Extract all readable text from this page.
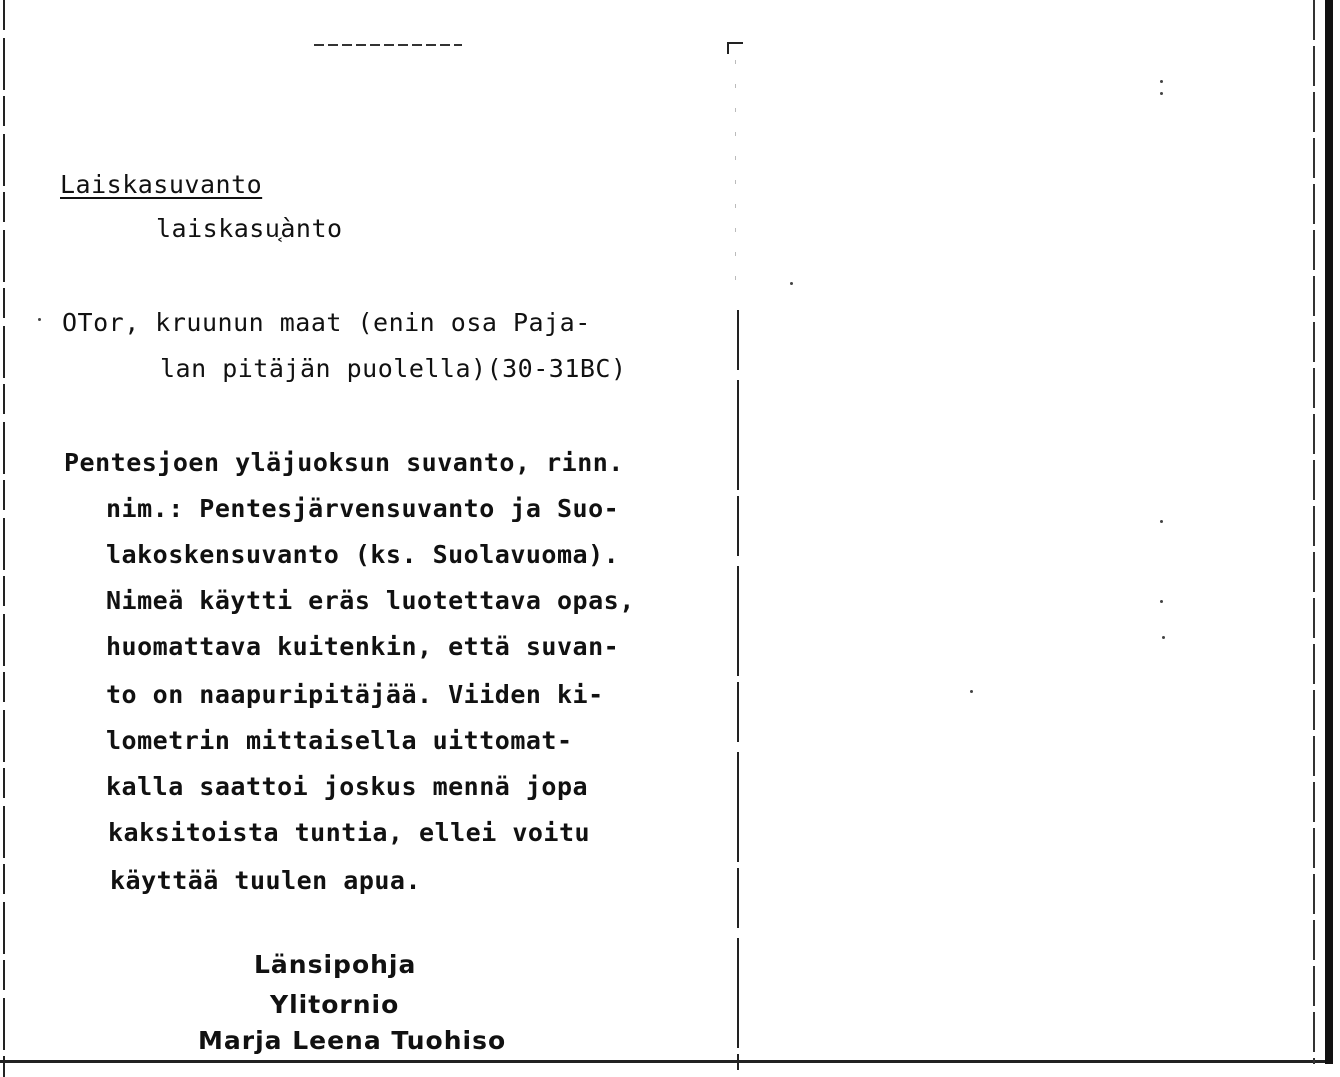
Laiskasuvanto
laiskasu͔ànto
OTor, kruunun maat (enin osa Paja-
lan pitäjän puolella)(30-31BC)
Pentesjoen yläjuoksun suvanto, rinn.
nim.: Pentesjärvensuvanto ja Suo-
lakoskensuvanto (ks. Suolavuoma).
Nimeä käytti eräs luotettava opas,
huomattava kuitenkin, että suvan-
to on naapuripitäjää. Viiden ki-
lometrin mittaisella uittomat-
kalla saattoi joskus mennä jopa
kaksitoista tuntia, ellei voitu
käyttää tuulen apua.
Länsipohja
Ylitornio
Marja Leena Tuohiso
